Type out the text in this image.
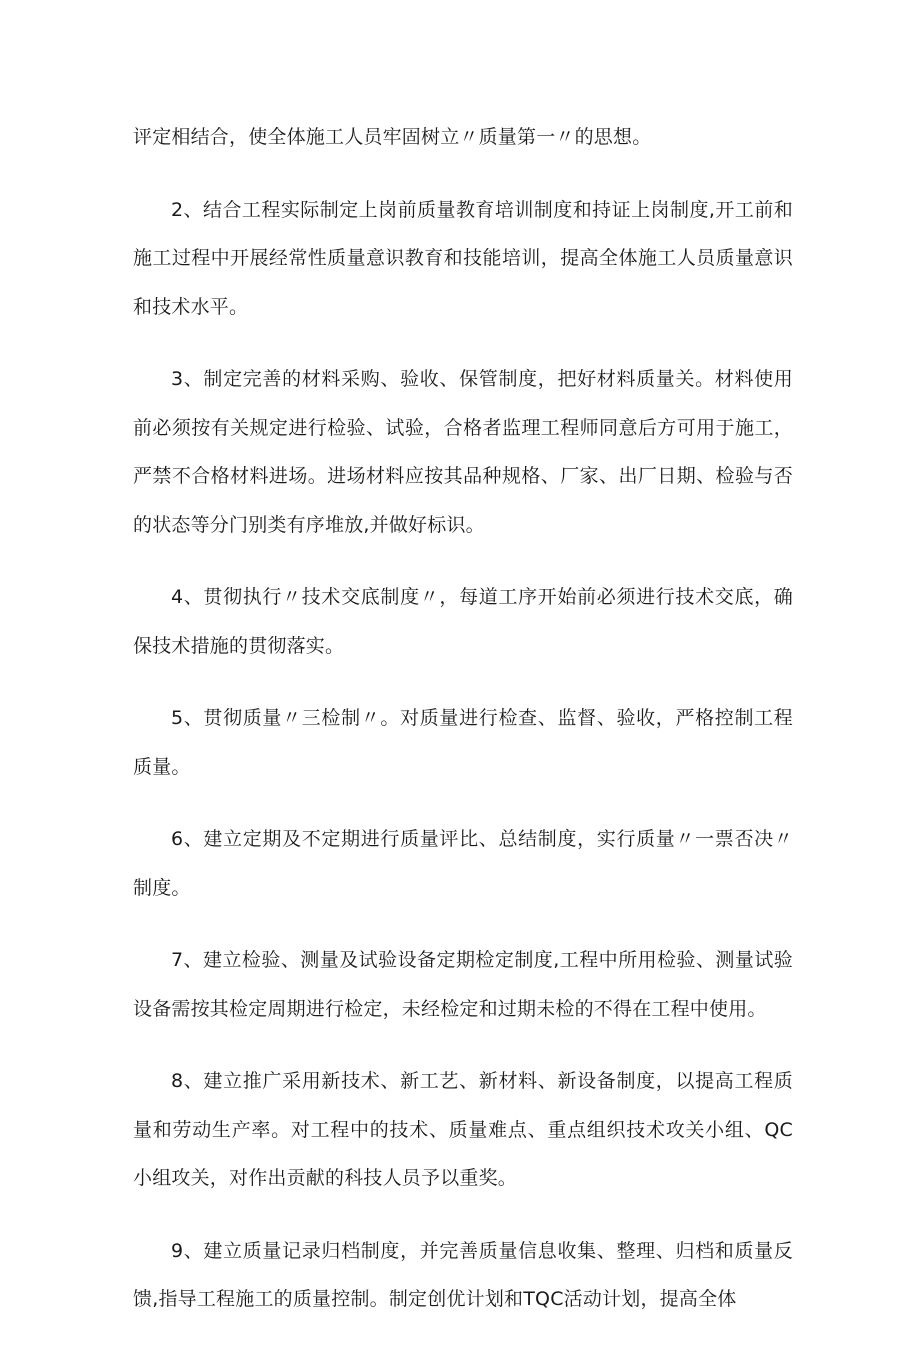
评定相结合，使全体施工人员牢固树立〃质量第一〃的思想。

2、结合工程实际制定上岗前质量教育培训制度和持证上岗制度,开工前和施工过程中开展经常性质量意识教育和技能培训，提高全体施工人员质量意识和技术水平。

3、制定完善的材料采购、验收、保管制度，把好材料质量关。材料使用前必须按有关规定进行检验、试验，合格者监理工程师同意后方可用于施工，严禁不合格材料进场。进场材料应按其品种规格、厂家、出厂日期、检验与否的状态等分门别类有序堆放,并做好标识。

4、贯彻执行〃技术交底制度〃，每道工序开始前必须进行技术交底，确保技术措施的贯彻落实。

5、贯彻质量〃三检制〃。对质量进行检查、监督、验收，严格控制工程质量。

6、建立定期及不定期进行质量评比、总结制度，实行质量〃一票否决〃制度。

7、建立检验、测量及试验设备定期检定制度,工程中所用检验、测量试验设备需按其检定周期进行检定，未经检定和过期未检的不得在工程中使用。

8、建立推广采用新技术、新工艺、新材料、新设备制度，以提高工程质量和劳动生产率。对工程中的技术、质量难点、重点组织技术攻关小组、QC小组攻关，对作出贡献的科技人员予以重奖。

9、建立质量记录归档制度，并完善质量信息收集、整理、归档和质量反馈,指导工程施工的质量控制。制定创优计划和TQC活动计划，提高全体
